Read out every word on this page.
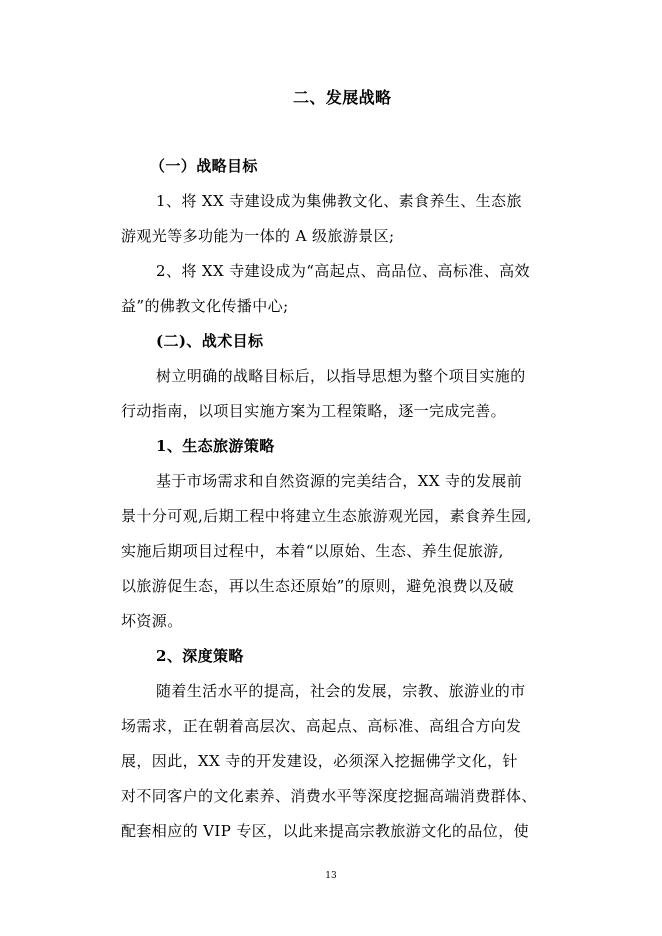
二、发展战略
（一）战略目标
1、将 XX 寺建设成为集佛教文化、素食养生、生态旅
游观光等多功能为一体的 A 级旅游景区;
2、将 XX 寺建设成为“高起点、高品位、高标准、高效
益”的佛教文化传播中心;
(二)、战术目标
树立明确的战略目标后，以指导思想为整个项目实施的
行动指南，以项目实施方案为工程策略，逐一完成完善。
1、生态旅游策略
基于市场需求和自然资源的完美结合，XX 寺的发展前
景十分可观,后期工程中将建立生态旅游观光园，素食养生园,
实施后期项目过程中，本着“以原始、生态、养生促旅游,
以旅游促生态，再以生态还原始”的原则，避免浪费以及破
坏资源。
2、深度策略
随着生活水平的提高，社会的发展，宗教、旅游业的市
场需求，正在朝着高层次、高起点、高标准、高组合方向发
展，因此，XX 寺的开发建设，必须深入挖掘佛学文化，针
对不同客户的文化素养、消费水平等深度挖掘高端消费群体、
配套相应的 VIP 专区，以此来提高宗教旅游文化的品位，使
13
